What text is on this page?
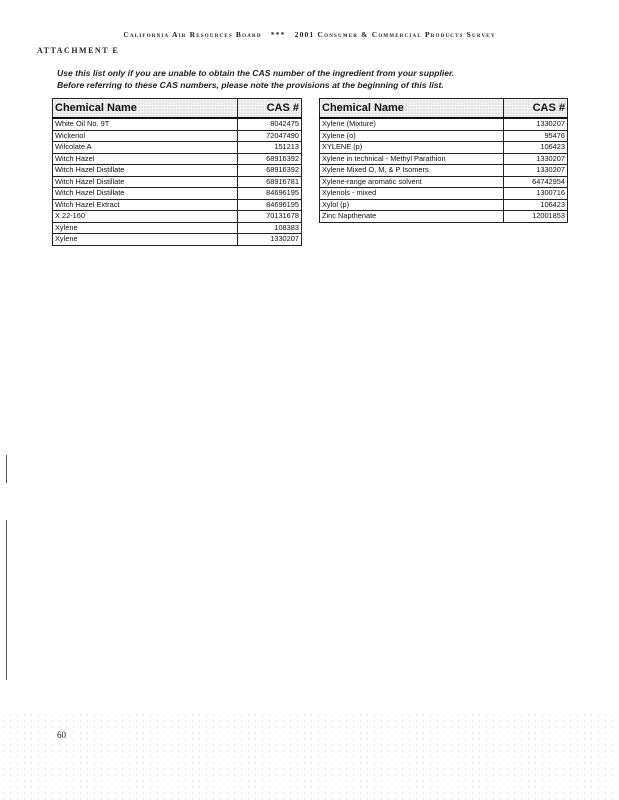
California Air Resources Board *** 2001 Consumer & Commercial Products Survey
ATTACHMENT E
Use this list only if you are unable to obtain the CAS number of the ingredient from your supplier.
Before referring to these CAS numbers, please note the provisions at the beginning of this list.
Chemical Name	CAS #
White Oil No. 9T	8042475
Wickenol	72047490
Wilcolate A	151213
Witch Hazel	68916392
Witch Hazel Distillate	68916392
Witch Hazel Distillate	68916781
Witch Hazel Distillate	84696195
Witch Hazel Extract	84696195
X 22-160	70131678
Xylene	108383
Xylene	1330207
Chemical Name	CAS #
Xylene (Mixture)	1330207
Xylene (o)	95476
XYLENE (p)	106423
Xylene in technical - Methyl Parathion	1330207
Xylene Mixed O, M, & P Isomers	1330207
Xylene-range aromatic solvent	64742954
Xylenols - mixed	1300716
Xylol (p)	106423
Zinc Napthenate	12001853
60
